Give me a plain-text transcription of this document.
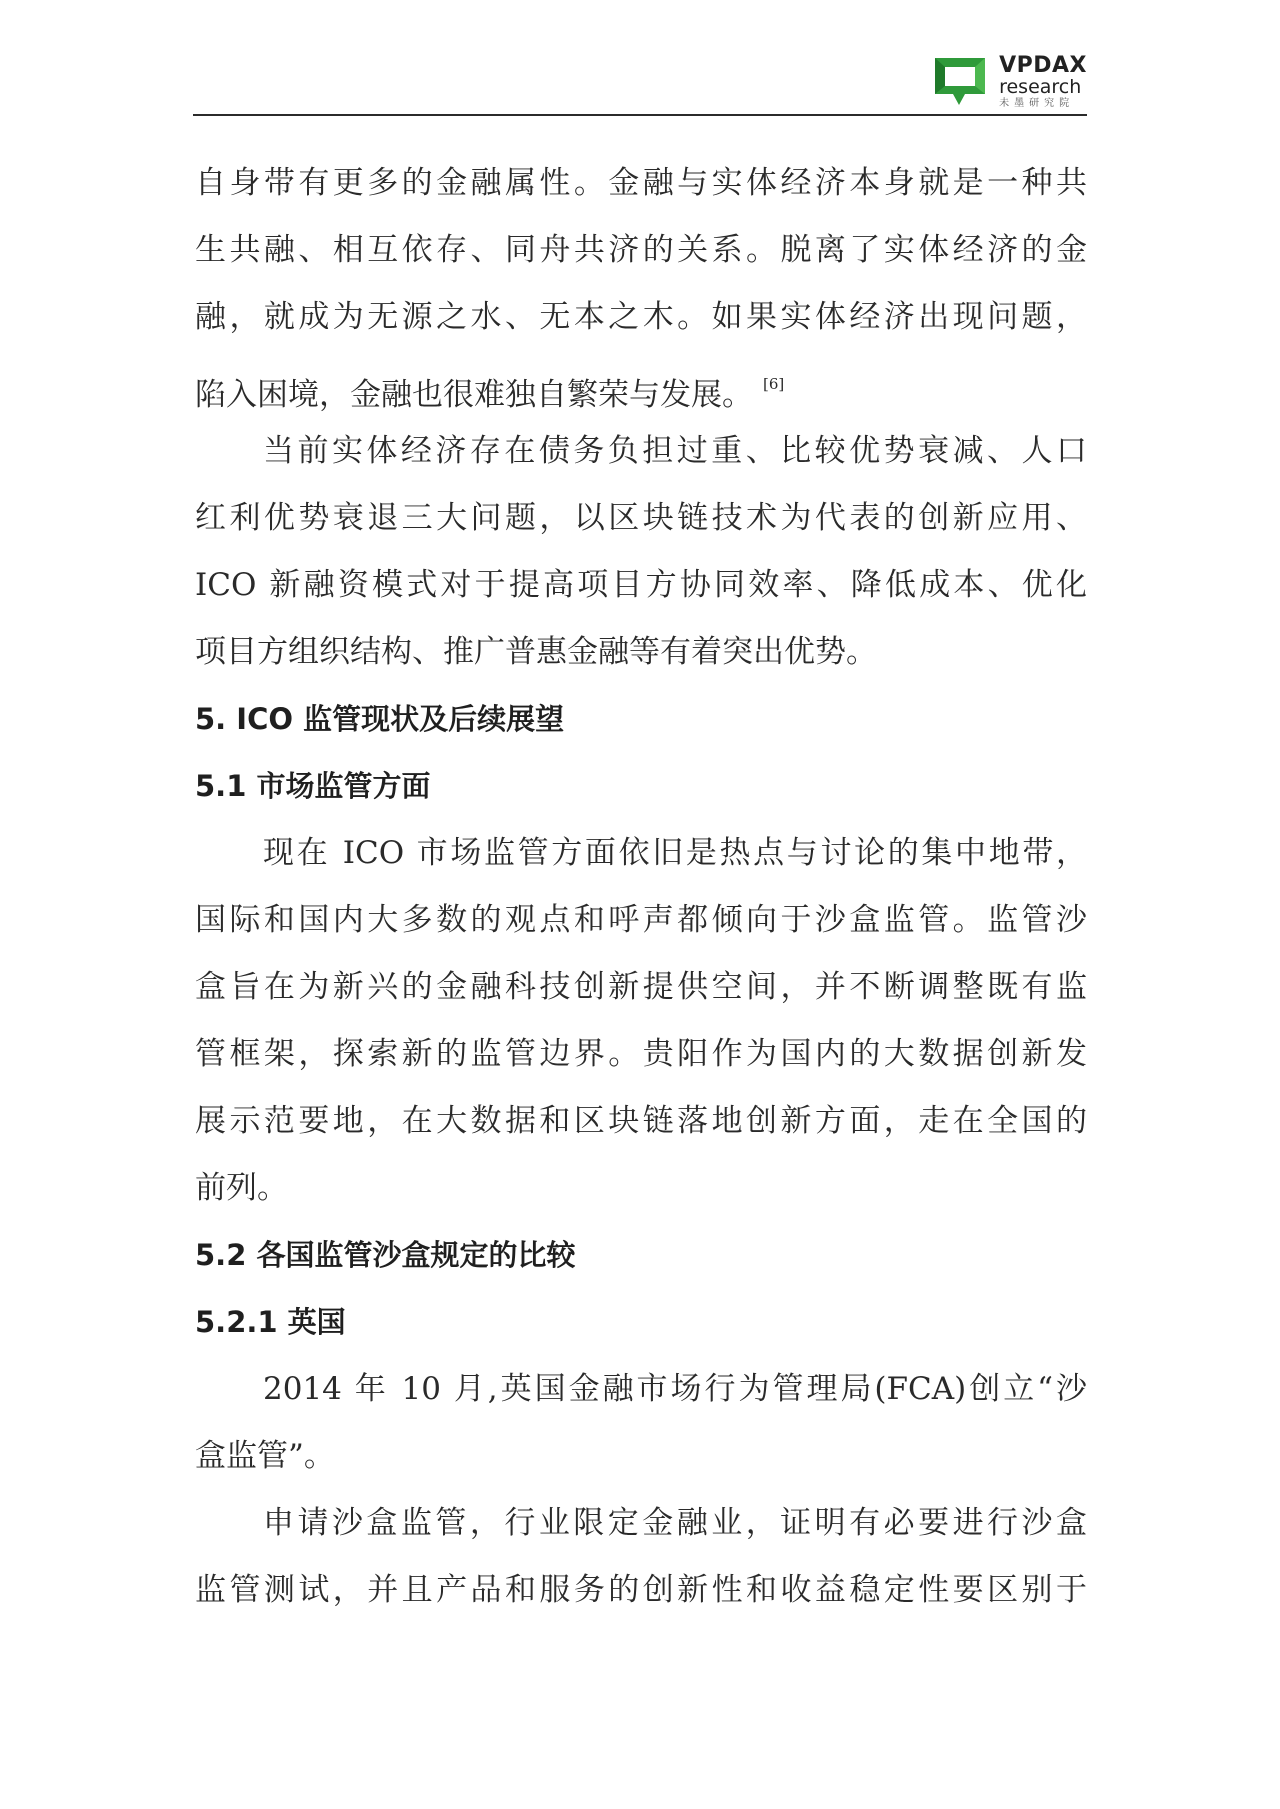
VPDAX
research
未墨研究院
自身带有更多的金融属性。金融与实体经济本身就是一种共
生共融、相互依存、同舟共济的关系。脱离了实体经济的金
融，就成为无源之水、无本之木。如果实体经济出现问题，
陷入困境，金融也很难独自繁荣与发展。 [6]
当前实体经济存在债务负担过重、比较优势衰减、人口
红利优势衰退三大问题，以区块链技术为代表的创新应用、
ICO 新融资模式对于提高项目方协同效率、降低成本、优化
项目方组织结构、推广普惠金融等有着突出优势。
5. ICO 监管现状及后续展望
5.1 市场监管方面
现在 ICO 市场监管方面依旧是热点与讨论的集中地带，
国际和国内大多数的观点和呼声都倾向于沙盒监管。监管沙
盒旨在为新兴的金融科技创新提供空间，并不断调整既有监
管框架，探索新的监管边界。贵阳作为国内的大数据创新发
展示范要地，在大数据和区块链落地创新方面，走在全国的
前列。
5.2 各国监管沙盒规定的比较
5.2.1 英国
2014 年 10 月,英国金融市场行为管理局(FCA)创立“沙
盒监管”。
申请沙盒监管，行业限定金融业，证明有必要进行沙盒
监管测试，并且产品和服务的创新性和收益稳定性要区别于
